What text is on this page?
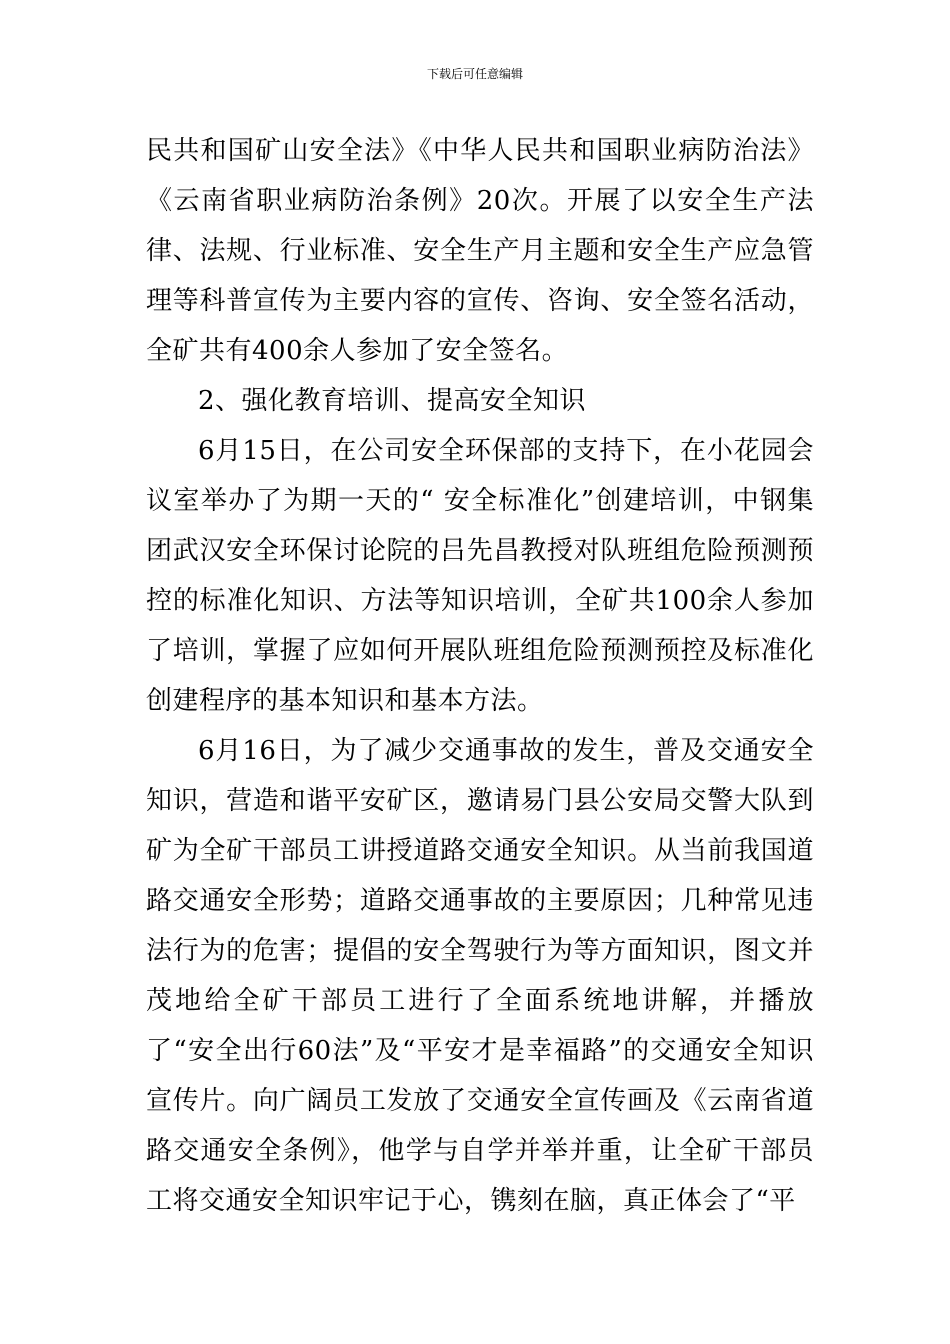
下载后可任意编辑

民共和国矿山安全法》《中华人民共和国职业病防治法》《云南省职业病防治条例》20次。开展了以安全生产法律、法规、行业标准、安全生产月主题和安全生产应急管理等科普宣传为主要内容的宣传、咨询、安全签名活动，全矿共有400余人参加了安全签名。

2、强化教育培训、提高安全知识

6月15日，在公司安全环保部的支持下，在小花园会议室举办了为期一天的“ 安全标准化”创建培训，中钢集团武汉安全环保讨论院的吕先昌教授对队班组危险预测预控的标准化知识、方法等知识培训，全矿共100余人参加了培训，掌握了应如何开展队班组危险预测预控及标准化创建程序的基本知识和基本方法。

6月16日，为了减少交通事故的发生，普及交通安全知识，营造和谐平安矿区，邀请易门县公安局交警大队到矿为全矿干部员工讲授道路交通安全知识。从当前我国道路交通安全形势；道路交通事故的主要原因；几种常见违法行为的危害；提倡的安全驾驶行为等方面知识，图文并茂地给全矿干部员工进行了全面系统地讲解，并播放了“安全出行60法”及“平安才是幸福路”的交通安全知识宣传片。向广阔员工发放了交通安全宣传画及《云南省道路交通安全条例》，他学与自学并举并重，让全矿干部员工将交通安全知识牢记于心，镌刻在脑，真正体会了“平
